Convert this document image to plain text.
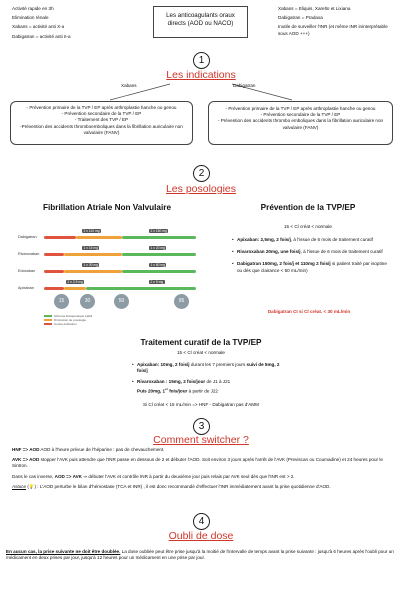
Activité rapide en 3h
Elimination rénale
Xabans = activité anti X-a
Dabigatran = activité anti II-a
Les anticoagulants oraux directs (AOD ou NACO)
Xabans = Eliquis, Xarelto et Lixiana
Dabigatran = Pradaxa
Inutile de surveiller l'INR (et même INR ininterprétable sous AOD +++)
1
Les indications
Xabans	Dabigatran
- Prévention primaire de la TVP / EP après arthroplastie hanche ou genou
- Prévention secondaire de la TVP / EP
- Traitement des TVP / EP
-Prévention des accidents thromboemboliques dans la fibrillation auriculaire non valvulaire (FANV)
- Prévention primaire de la TVP / EP après arthroplastie hanche ou genou
- Prévention secondaire de la TVP / EP
- Prévention des accidents thrombo emboliques dans la fibrillation auriculaire non valvulaire (FANV)
2
Les posologies
Fibrillation Atriale Non Valvulaire	Prévention de la TVP/EP
Dabigatran
Rivaroxaban
Edoxaban
Apixaban
2 x 110 mg	2 x 150 mg
1 x 15 mg	1 x 20 mg
1 x 30 mg	1 x 60 mg
2 x 2.5 mg	2 x 5 mg
15	30	50	95
Schéma thérapeutique établi
Diminution de posologie
Contre-indication
15 < Cl créat < normale
• Apixaban: 2,5mg, 2 fois/j, à l'issue de 6 mois de traitement curatif
• Rivaroxaban 20mg, une fois/j, à l'issue de 6 mois de traitement curatif
• Dabigatran 150mg, 2 fois/j et 110mg 2 fois/j si patient traité par isoptine ou dès que clairance < 50 mL/min)
Dabigatran CI si Cl créat. < 30 mL/min
Traitement curatif de la TVP/EP
15 < Cl créat < normale
• Apixaban: 10mg, 2 fois/j durant les 7 premiers jours suivi de 5mg, 2 fois/j
• Rivaroxaban : 15mg, 2 fois/jour de J1 à J21
Puis 20mg, 1er fois/jour à partir de J22
Si Cl créat < 15 mL/min => HNF - Dabigatran pas d'AMM
3
Comment switcher ?

HNF => AOD AOD à l'heure prévue de l'héparine : pas de chevauchement.

AVK => AOD stopper l'AVK puis attendre que l'INR passe en dessous de 2 et débuter l'AOD. Soit environ 3 jours après l'arrêt de l'AVK (Previscan ou Coumadine) et 24 heures pour le Sintron.

Dans le cas inverse, AOD => AVK ⇒ débuter l'AVK et contrôle INR à partir du deuxième jour puis relais par AVK seul dès que l'INR est > 2.

Astuce (💡) : L'AOD perturbe le bilan d'hémostase (TCA et INR) , il est donc recommandé d'effectuer l'INR immédiatement avant la prise quotidienne d'AOD.

4
Oubli de dose
En aucun cas, la prise suivante ne doit être doublée. La dose oubliée peut être prise jusqu'à la moitié de l'intervalle de temps avant la prise suivante : jusqu'à 6 heures après l'oubli pour un médicament en deux prises par jour, jusqu'à 12 heures pour un médicament en une prise par jour.
